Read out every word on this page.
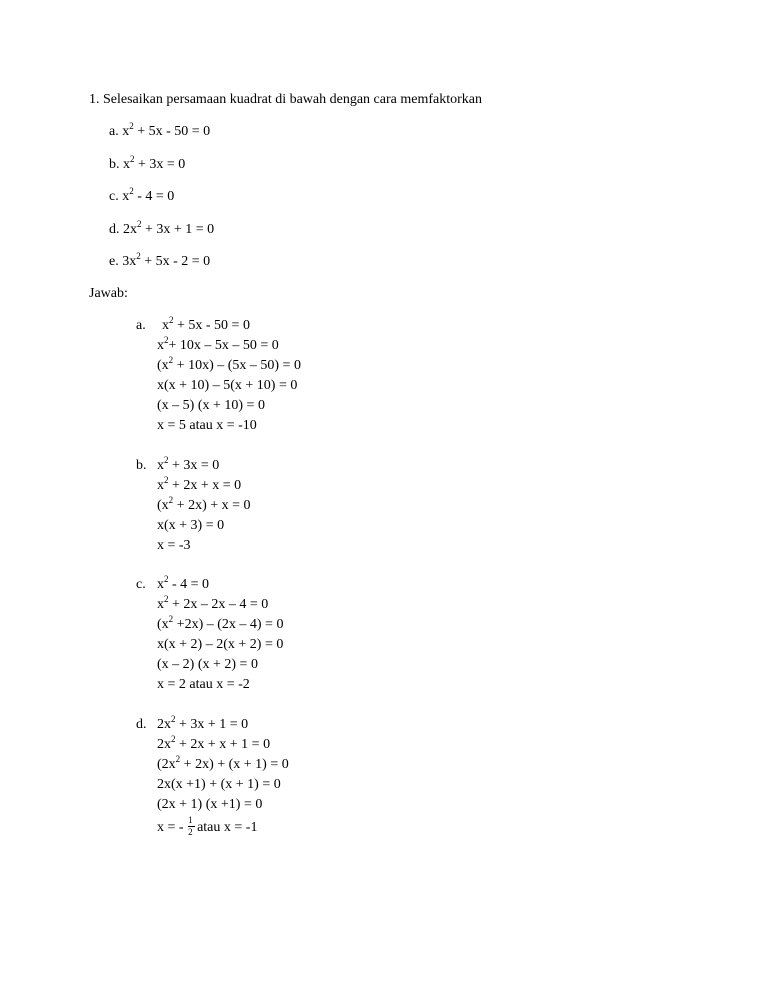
1. Selesaikan persamaan kuadrat di bawah dengan cara memfaktorkan
a. $x^2 + 5x - 50 = 0$
b. $x^2 + 3x = 0$
c. $x^2 - 4 = 0$
d. $2x^2 + 3x + 1 = 0$
e. $3x^2 + 5x - 2 = 0$
Jawab:
a. $x^2 + 5x - 50 = 0$
$x^2+ 10x - 5x - 50 = 0$
$(x^2 + 10x) - (5x - 50) = 0$
x(x + 10) – 5(x + 10) = 0
(x – 5) (x + 10) = 0
x = 5 atau x = -10
b. $x^2 + 3x = 0$
$x^2 + 2x + x = 0$
$(x^2 + 2x) + x = 0$
x(x + 3) = 0
x = -3
c. $x^2 - 4 = 0$
$x^2 + 2x - 2x - 4 = 0$
$(x^2 +2x) - (2x - 4) = 0$
x(x + 2) – 2(x + 2) = 0
(x – 2) (x + 2) = 0
x = 2 atau x = -2
d. $2x^2 + 3x + 1 = 0$
$2x^2 + 2x + x + 1 = 0$
$(2x^2 + 2x) + (x + 1) = 0$
2x(x +1) + (x + 1) = 0
(2x + 1) (x +1) = 0
x = - $\frac{1}{2}$ atau x = -1
